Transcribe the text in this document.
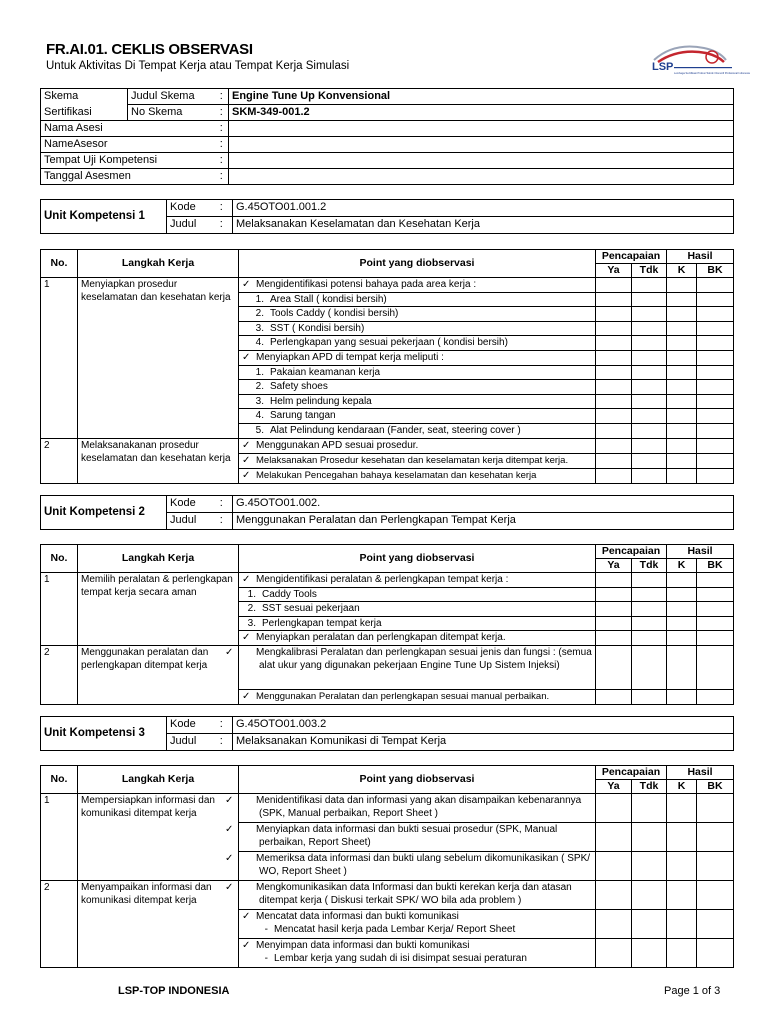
FR.AI.01. CEKLIS OBSERVASI
Untuk Aktivitas Di Tempat Kerja atau Tempat Kerja Simulasi	LSP
Lembaga Sertifikasi Profesi Teknik Otomotif Profesional Indonesia
Skema	Judul Skema	:	Engine Tune Up Konvensional
Sertifikasi	No Skema	:	SKM-349-001.2
Nama Asesi		:	
NameAsesor		:	
Tempat Uji Kompetensi		:	
Tanggal Asesmen		:	
Unit Kompetensi 1	Kode	:	G.45OTO01.001.2
	Judul	:	Melaksanakan Keselamatan dan Kesehatan Kerja
No.	Langkah Kerja	Point yang diobservasi	Pencapaian		Hasil	
			Ya	Tdk	K	BK
1	Menyiapkan prosedur keselamatan dan kesehatan kerja	✓ Mengidentifikasi potensi bahaya pada area kerja :				
		1. Area Stall ( kondisi bersih)				
		2. Tools Caddy ( kondisi bersih)				
		3. SST ( Kondisi bersih)				
		4. Perlengkapan yang sesuai pekerjaan ( kondisi bersih)				
		✓ Menyiapkan APD di tempat kerja meliputi :				
		1. Pakaian keamanan kerja				
		2. Safety shoes				
		3. Helm pelindung kepala				
		4. Sarung tangan				
		5. Alat Pelindung kendaraan (Fander, seat, steering cover )				
2	Melaksanakanan prosedur keselamatan dan kesehatan kerja	✓ Menggunakan APD sesuai prosedur.				
		✓ Melaksanakan Prosedur kesehatan dan keselamatan kerja ditempat kerja.				
		✓ Melakukan Pencegahan bahaya keselamatan dan kesehatan kerja				
Unit Kompetensi 2	Kode	:	G.45OTO01.002.
	Judul	:	Menggunakan Peralatan dan Perlengkapan Tempat Kerja
No.	Langkah Kerja	Point yang diobservasi	Pencapaian		Hasil	
			Ya	Tdk	K	BK
1	Memilih peralatan & perlengkapan tempat kerja secara aman	✓ Mengidentifikasi peralatan & perlengkapan tempat kerja :				
		1. Caddy Tools				
		2. SST sesuai pekerjaan				
		3. Perlengkapan tempat kerja				
		✓ Menyiapkan peralatan dan perlengkapan ditempat kerja.				
2	Menggunakan peralatan dan perlengkapan ditempat kerja	✓ Mengkalibrasi Peralatan dan perlengkapan sesuai jenis dan fungsi : (semua alat ukur yang digunakan pekerjaan Engine Tune Up Sistem Injeksi)				
		✓ Menggunakan Peralatan dan perlengkapan sesuai manual perbaikan.				
Unit Kompetensi 3	Kode	:	G.45OTO01.003.2
	Judul	:	Melaksanakan Komunikasi di Tempat Kerja
No.	Langkah Kerja	Point yang diobservasi	Pencapaian		Hasil	
			Ya	Tdk	K	BK
1	Mempersiapkan informasi dan komunikasi ditempat kerja	✓ Menidentifikasi data dan informasi yang akan disampaikan kebenarannya (SPK, Manual perbaikan, Report Sheet )				
		✓ Menyiapkan data informasi dan bukti sesuai prosedur (SPK, Manual perbaikan, Report Sheet)				
		✓ Memeriksa data informasi dan bukti ulang sebelum dikomunikasikan ( SPK/ WO, Report Sheet )				
2	Menyampaikan informasi dan komunikasi ditempat kerja	✓ Mengkomunikasikan data Informasi dan bukti kerekan kerja dan atasan ditempat kerja ( Diskusi terkait SPK/ WO bila ada problem )				
		✓ Mencatat data informasi dan bukti komunikasi
- Mencatat hasil kerja pada Lembar Kerja/ Report Sheet				
		✓ Menyimpan data informasi dan bukti komunikasi
- Lembar kerja yang sudah di isi disimpat sesuai peraturan				
LSP-TOP INDONESIA	Page 1 of 3
